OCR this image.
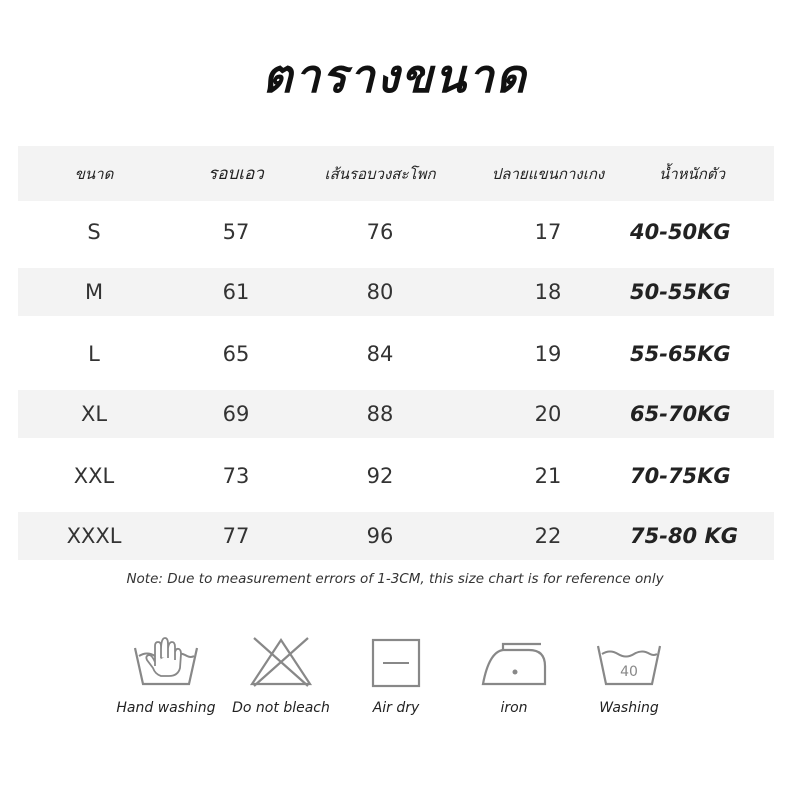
ตารางขนาด
ขนาด	รอบเอว	เส้นรอบวงสะโพก	ปลายแขนกางเกง	น้ำหนักตัว
S	57	76	17	40-50KG
M	61	80	18	50-55KG
L	65	84	19	55-65KG
XL	69	88	20	65-70KG
XXL	73	92	21	70-75KG
XXXL	77	96	22	75-80 KG
Note: Due to measurement errors of 1-3CM, this size chart is for reference only
Hand washing	Do not bleach	Air dry	iron
40
Washing
